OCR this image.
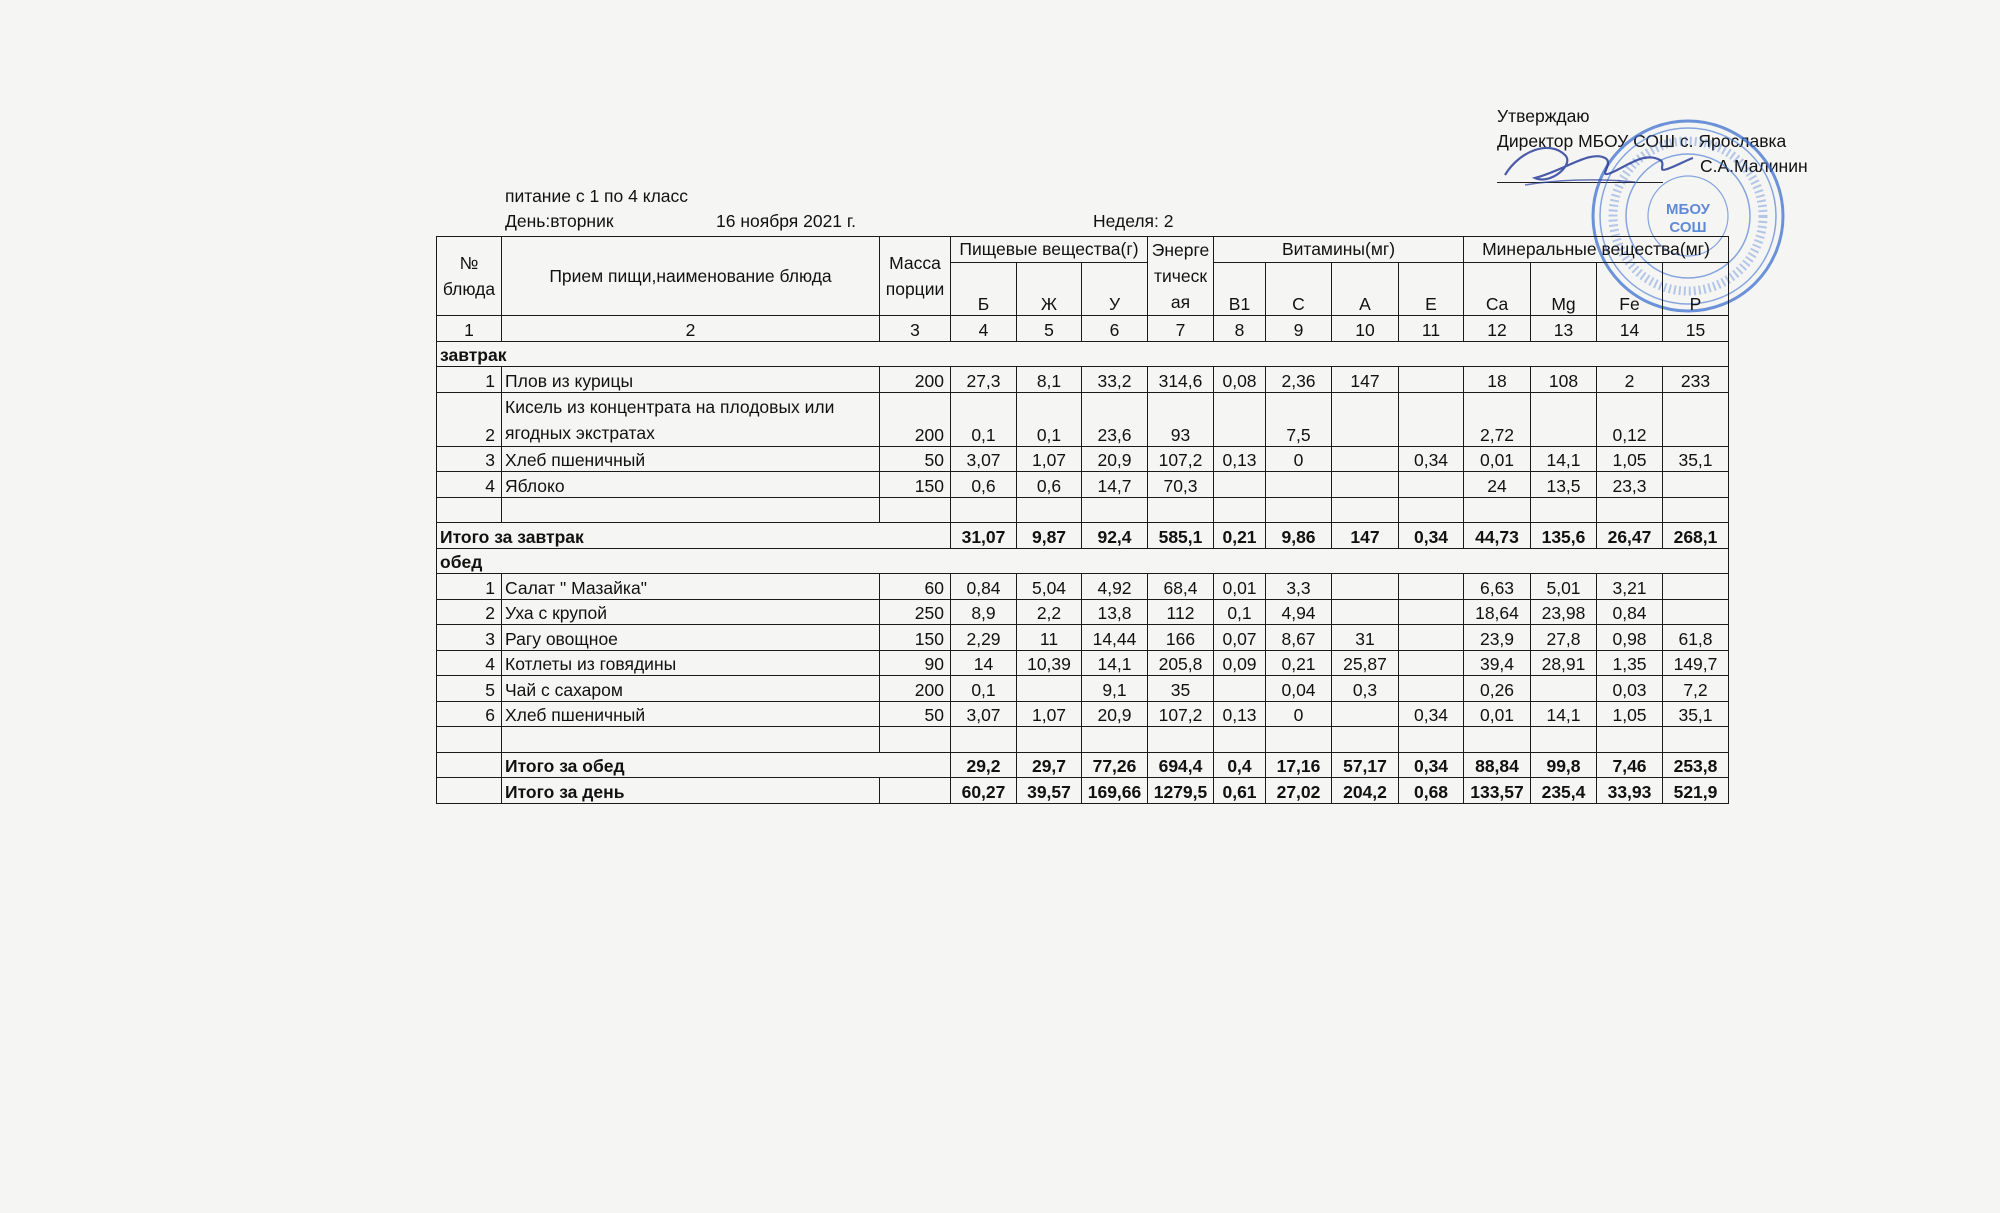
Утверждаю
Директор МБОУ СОШ с. Ярославка
С.А.Малинин
МБОУ
СОШ
питание с 1 по 4 класс
День:вторник	16 ноября 2021 г.	Неделя: 2
№ блюда	Прием пищи,наименование блюда	Масса порции	Пищевые вещества(г)			Энергетическая	Витамины(мг)				Минеральные вещества(мг)			
			Б	Ж	У		В1	С	А	Е	Ca	Mg	Fe	P
1	2	3	4	5	6	7	8	9	10	11	12	13	14	15
завтрак														
1	Плов из курицы	200	27,3	8,1	33,2	314,6	0,08	2,36	147		18	108	2	233
2	Кисель из концентрата на плодовых или ягодных экстратах	200	0,1	0,1	23,6	93		7,5			2,72		0,12	
3	Хлеб пшеничный	50	3,07	1,07	20,9	107,2	0,13	0		0,34	0,01	14,1	1,05	35,1
4	Яблоко	150	0,6	0,6	14,7	70,3					24	13,5	23,3	

Итого за завтрак			31,07	9,87	92,4	585,1	0,21	9,86	147	0,34	44,73	135,6	26,47	268,1
обед														
1	Салат " Мазайка"	60	0,84	5,04	4,92	68,4	0,01	3,3			6,63	5,01	3,21	
2	Уха с крупой	250	8,9	2,2	13,8	112	0,1	4,94			18,64	23,98	0,84	
3	Рагу овощное	150	2,29	11	14,44	166	0,07	8,67	31		23,9	27,8	0,98	61,8
4	Котлеты из говядины	90	14	10,39	14,1	205,8	0,09	0,21	25,87		39,4	28,91	1,35	149,7
5	Чай с сахаром	200	0,1		9,1	35		0,04	0,3		0,26		0,03	7,2
6	Хлеб пшеничный	50	3,07	1,07	20,9	107,2	0,13	0		0,34	0,01	14,1	1,05	35,1

	Итого за обед		29,2	29,7	77,26	694,4	0,4	17,16	57,17	0,34	88,84	99,8	7,46	253,8
	Итого за день		60,27	39,57	169,66	1279,5	0,61	27,02	204,2	0,68	133,57	235,4	33,93	521,9
